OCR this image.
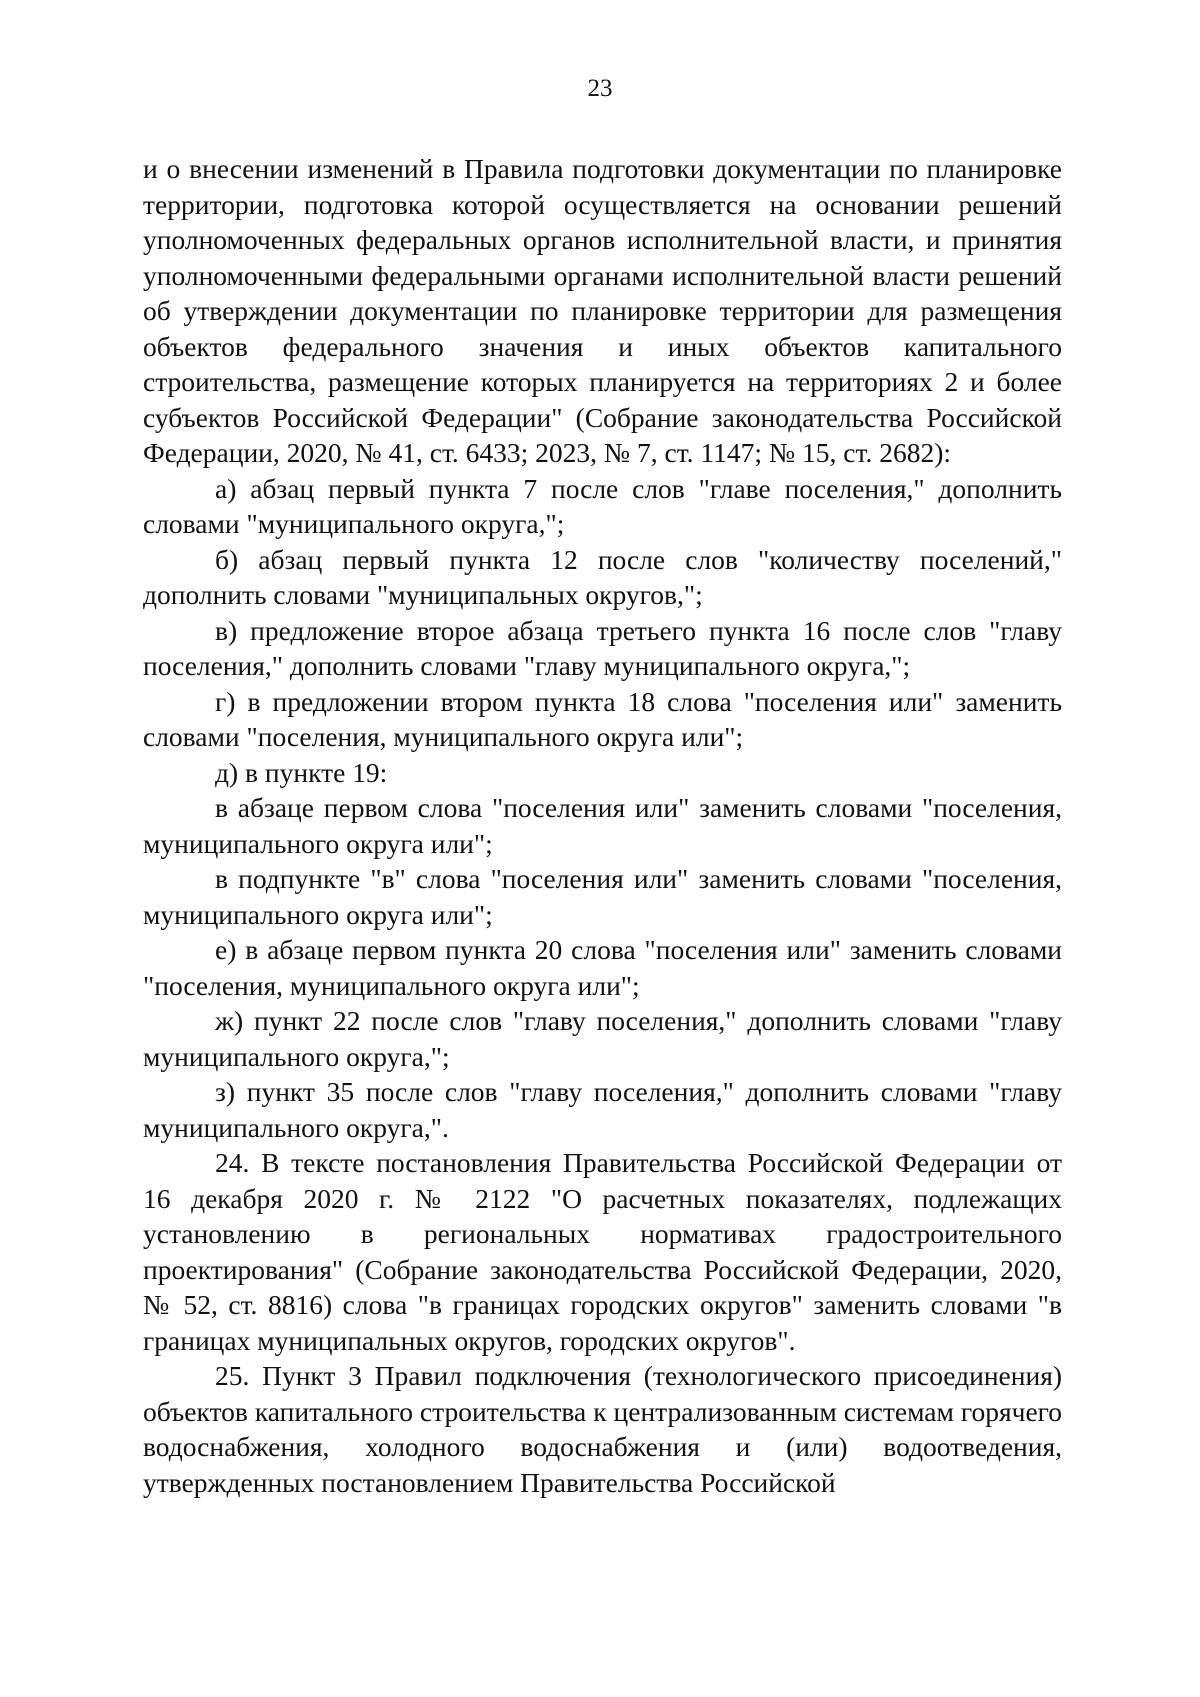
23

и о внесении изменений в Правила подготовки документации по планировке территории, подготовка которой осуществляется на основании решений уполномоченных федеральных органов исполнительной власти, и принятия уполномоченными федеральными органами исполнительной власти решений об утверждении документации по планировке территории для размещения объектов федерального значения и иных объектов капитального строительства, размещение которых планируется на территориях 2 и более субъектов Российской Федерации" (Собрание законодательства Российской Федерации, 2020, № 41, ст. 6433; 2023, № 7, ст. 1147; № 15, ст. 2682):

а) абзац первый пункта 7 после слов "главе поселения," дополнить словами "муниципального округа,";

б) абзац первый пункта 12 после слов "количеству поселений," дополнить словами "муниципальных округов,";

в) предложение второе абзаца третьего пункта 16 после слов "главу поселения," дополнить словами "главу муниципального округа,";

г) в предложении втором пункта 18 слова "поселения или" заменить словами "поселения, муниципального округа или";

д) в пункте 19:

в абзаце первом слова "поселения или" заменить словами "поселения, муниципального округа или";

в подпункте "в" слова "поселения или" заменить словами "поселения, муниципального округа или";

е) в абзаце первом пункта 20 слова "поселения или" заменить словами "поселения, муниципального округа или";

ж) пункт 22 после слов "главу поселения," дополнить словами "главу муниципального округа,";

з) пункт 35 после слов "главу поселения," дополнить словами "главу муниципального округа,".

24. В тексте постановления Правительства Российской Федерации от 16 декабря 2020 г. № 2122 "О расчетных показателях, подлежащих установлению в региональных нормативах градостроительного проектирования" (Собрание законодательства Российской Федерации, 2020, № 52, ст. 8816) слова "в границах городских округов" заменить словами "в границах муниципальных округов, городских округов".

25. Пункт 3 Правил подключения (технологического присоединения) объектов капитального строительства к централизованным системам горячего водоснабжения, холодного водоснабжения и (или) водоотведения, утвержденных постановлением Правительства Российской
